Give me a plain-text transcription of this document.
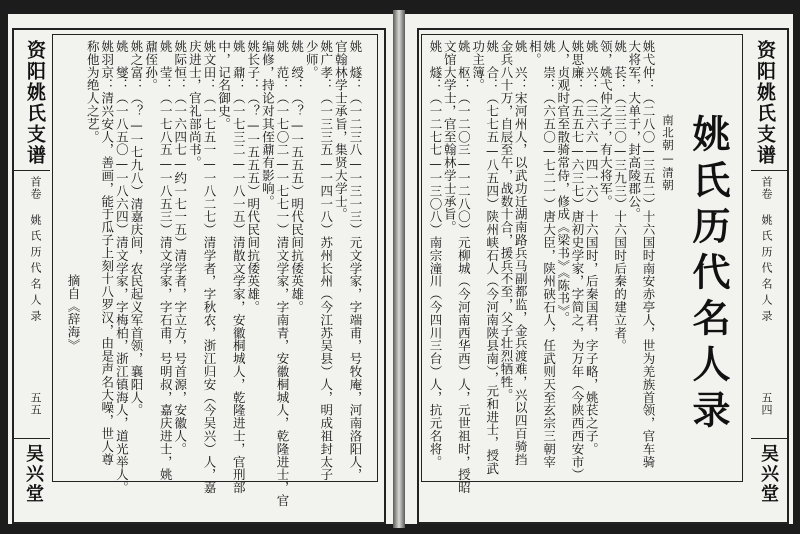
资阳姚氏支谱
首卷
姚氏历代名人录
五五
吴兴堂	姚　燧：（一二三八—一三一三）元文学家，字端甫，号牧庵，河南洛阳人，
官翰林学士承旨，集贤大学士。
姚广孝：（一三三五—一四一八）苏州长州（今江苏吴县）人，明成祖封太子
少师。
姚　绶：（？—一五五五）明代民间抗倭英雄。
姚　范：（一七〇二—一七七一）清文学家，字南青，安徽桐城人，乾隆进士，官
编修，持论对其侄鼐有影响。
姚长子：（？—一五五五）明代民间抗倭英雄。
姚　鼐：（一七三二—一八一五）清散文学家，安徽桐城人，乾隆进士，官刑部
中，记名御史。
姚文田：（一七五一—一八二七）清学者，字秋农，浙江归安（今吴兴）人，嘉
庆进士，官礼部尚书。
姚际恒：（一六四七—约一七一五）清学者，字立方，号首源，安徽人。
姚　莹：（一七八五—一八五三）清文学家，字石甫，号明叔，嘉庆进士，姚
鼐侄孙。
姚之富：（？—一七九八）清嘉庆间，农民起义军首领，襄阳人。
姚　燮：（一八五〇—一八六四）清文学家，字梅柏，浙江镇海人，道光举人。
姚羽京：清兴安人，善画，能于瓜子上刻十八罗汉，由是声名大噪，世人尊
称他为绝人之艺。
摘自《辞海》
资阳姚氏支谱
首卷
姚氏历代名人录
五四
吴兴堂
姚氏历代名人录
南北朝—清朝
姚弋仲：（二八〇—三五二）十六国时南安赤亭人，世为羌族首领，官车骑
大将军，大单于，封高陵郡公。
姚　苌：（三三〇—三九三）十六国时后秦的建立者。
领，姚弋仲之子，有大将军。
姚　兴：（三六六—四一六）十六国时，后秦国君，字子略，姚苌之子。
姚思廉：（五五七—六三七）唐初史学家，字简之，为万年（今陕西西安市）
人，贞观时官至散骑常侍，修成《梁书》《陈书》。
姚　崇：（六五〇—七二一）唐大臣，陕州硖石人，任武则天至玄宗三朝宰
相。
姚　兴：宋河州人，以武功迁湖南路兵马副都监，金兵渡难，兴以四百骑挡
金兵八十万，自辰至午，战数十合，援兵不至，父子壮烈牺牲。
姚　合：（七七五—八五四）陕州峡石人（今河南陕县南），元和进士，授武
功主簿。
姚　枢：（一二〇三—一二八〇）元柳城（今河南西华西）人，元世祖时，授昭
文馆大学士，官至翰林学士承旨。
姚　燧：（一二七七—一三〇八）南宗潼川（今四川三台）人，抗元名将。
